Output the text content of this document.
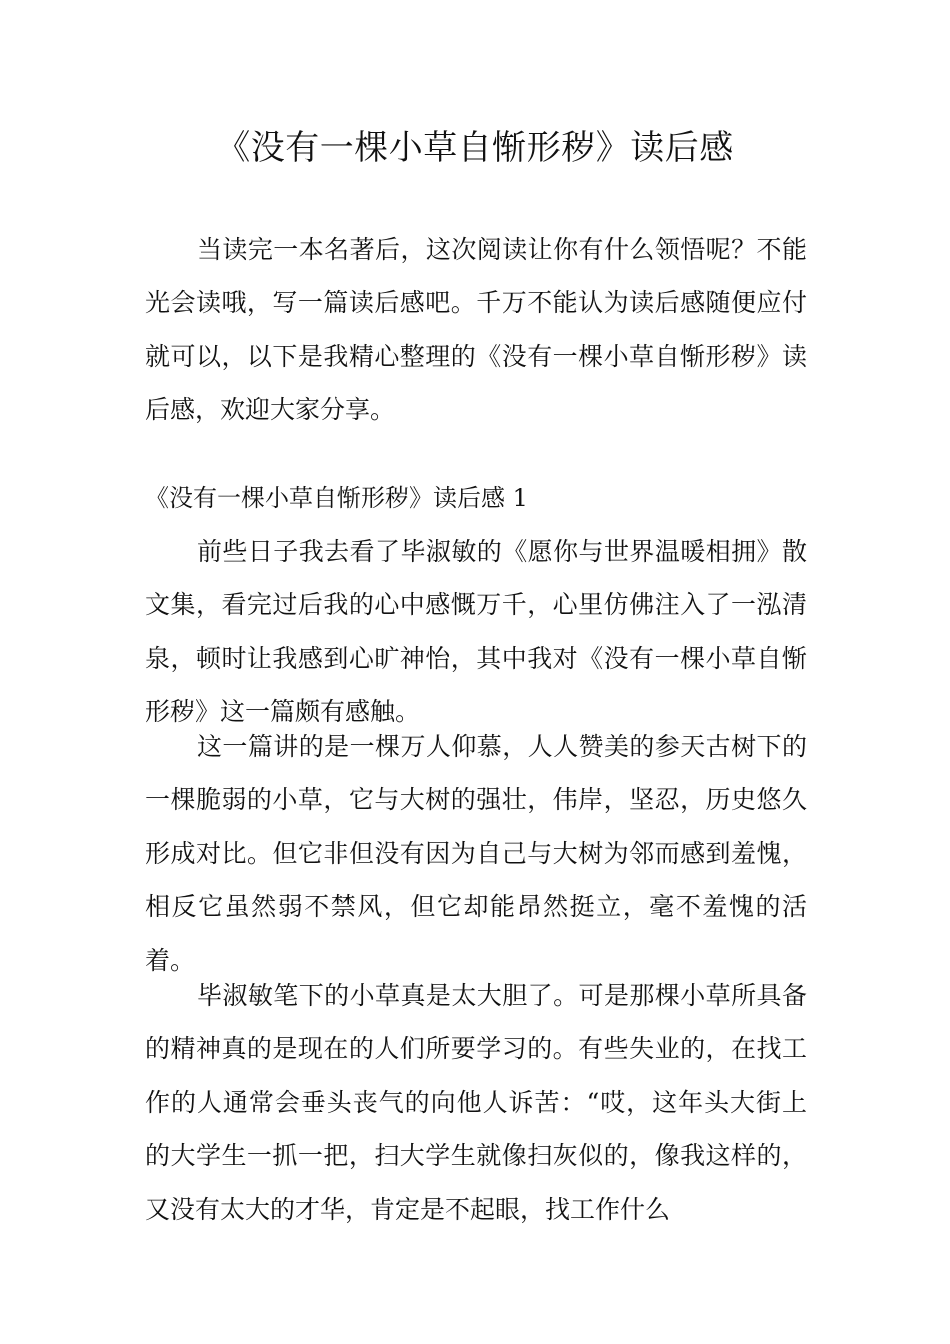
《没有一棵小草自惭形秽》读后感

当读完一本名著后，这次阅读让你有什么领悟呢？不能光会读哦，写一篇读后感吧。千万不能认为读后感随便应付就可以，以下是我精心整理的《没有一棵小草自惭形秽》读后感，欢迎大家分享。

《没有一棵小草自惭形秽》读后感 1

前些日子我去看了毕淑敏的《愿你与世界温暖相拥》散文集，看完过后我的心中感慨万千，心里仿佛注入了一泓清泉，顿时让我感到心旷神怡，其中我对《没有一棵小草自惭形秽》这一篇颇有感触。

这一篇讲的是一棵万人仰慕，人人赞美的参天古树下的一棵脆弱的小草，它与大树的强壮，伟岸，坚忍，历史悠久形成对比。但它非但没有因为自己与大树为邻而感到羞愧，相反它虽然弱不禁风，但它却能昂然挺立，毫不羞愧的活着。

毕淑敏笔下的小草真是太大胆了。可是那棵小草所具备的精神真的是现在的人们所要学习的。有些失业的，在找工作的人通常会垂头丧气的向他人诉苦：“哎，这年头大街上的大学生一抓一把，扫大学生就像扫灰似的，像我这样的，又没有太大的才华，肯定是不起眼，找工作什么
